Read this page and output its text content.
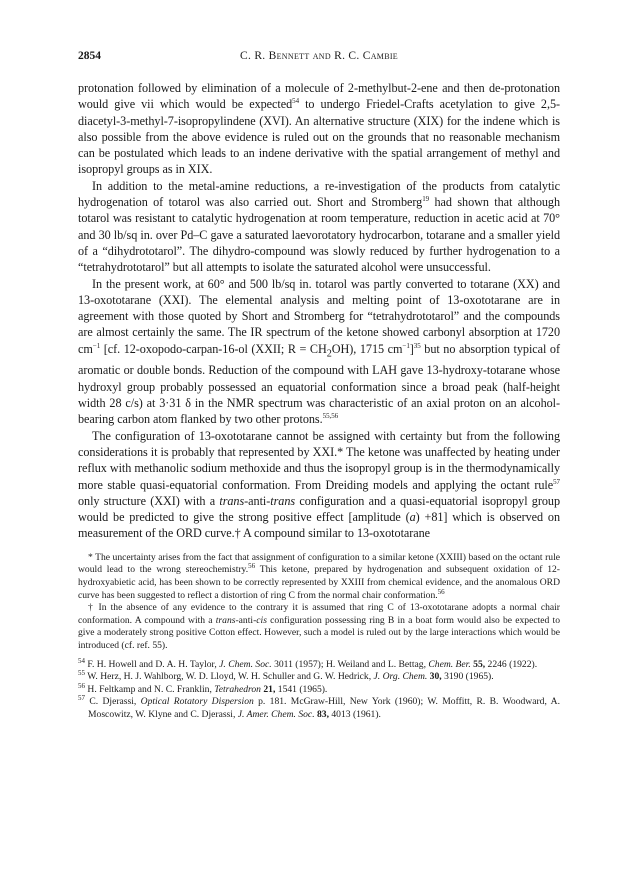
2854	C. R. Bennett and R. C. Cambie

protonation followed by elimination of a molecule of 2-methylbut-2-ene and then de-protonation would give vii which would be expected$^{54}$ to undergo Friedel-Crafts acetylation to give 2,5-diacetyl-3-methyl-7-isopropylindene (XVI). An alternative structure (XIX) for the indene which is also possible from the above evidence is ruled out on the grounds that no reasonable mechanism can be postulated which leads to an indene derivative with the spatial arrangement of methyl and isopropyl groups as in XIX.

In addition to the metal-amine reductions, a re-investigation of the products from catalytic hydrogenation of totarol was also carried out. Short and Stromberg$^{19}$ had shown that although totarol was resistant to catalytic hydrogenation at room temperature, reduction in acetic acid at 70° and 30 lb/sq in. over Pd–C gave a saturated laevorotatory hydrocarbon, totarane and a smaller yield of a “dihydrototarol”. The dihydro-compound was slowly reduced by further hydrogenation to a “tetrahydrototarol” but all attempts to isolate the saturated alcohol were unsuccessful.

In the present work, at 60° and 500 lb/sq in. totarol was partly converted to totarane (XX) and 13-oxototarane (XXI). The elemental analysis and melting point of 13-oxototarane are in agreement with those quoted by Short and Stromberg for “tetrahydrototarol” and the compounds are almost certainly the same. The IR spectrum of the ketone showed carbonyl absorption at 1720 $cm^{-1}$ [cf. 12-oxopodo-carpan-16-ol (XXII; $R = CH_2OH$), 1715 $cm^{-1}]^{35}$ but no absorption typical of aromatic or double bonds. Reduction of the compound with LAH gave 13-hydroxy-totarane whose hydroxyl group probably possessed an equatorial conformation since a broad peak (half-height width 28 c/s) at 3·31 δ in the NMR spectrum was characteristic of an axial proton on an alcohol-bearing carbon atom flanked by two other protons.$^{55,56}$

The configuration of 13-oxototarane cannot be assigned with certainty but from the following considerations it is probably that represented by XXI.* The ketone was unaffected by heating under reflux with methanolic sodium methoxide and thus the isopropyl group is in the thermodynamically more stable quasi-equatorial conformation. From Dreiding models and applying the octant rule$^{57}$ only structure (XXI) with a trans-anti-trans configuration and a quasi-equatorial isopropyl group would be predicted to give the strong positive effect [amplitude (a) +81] which is observed on measurement of the ORD curve.† A compound similar to 13-oxototarane

* The uncertainty arises from the fact that assignment of configuration to a similar ketone (XXIII) based on the octant rule would lead to the wrong stereochemistry.$^{56}$ This ketone, prepared by hydrogenation and subsequent oxidation of 12-hydroxyabietic acid, has been shown to be correctly represented by XXIII from chemical evidence, and the anomalous ORD curve has been suggested to reflect a distortion of ring C from the normal chair conformation.$^{56}$

† In the absence of any evidence to the contrary it is assumed that ring C of 13-oxototarane adopts a normal chair conformation. A compound with a trans-anti-cis configuration possessing ring B in a boat form would also be expected to give a moderately strong positive Cotton effect. However, such a model is ruled out by the large interactions which would be introduced (cf. ref. 55).

$^{54}$ F. H. Howell and D. A. H. Taylor, J. Chem. Soc. 3011 (1957); H. Weiland and L. Bettag, Chem. Ber. 55, 2246 (1922).

$^{55}$ W. Herz, H. J. Wahlborg, W. D. Lloyd, W. H. Schuller and G. W. Hedrick, J. Org. Chem. 30, 3190 (1965).

$^{56}$ H. Feltkamp and N. C. Franklin, Tetrahedron 21, 1541 (1965).

$^{57}$ C. Djerassi, Optical Rotatory Dispersion p. 181. McGraw-Hill, New York (1960); W. Moffitt, R. B. Woodward, A. Moscowitz, W. Klyne and C. Djerassi, J. Amer. Chem. Soc. 83, 4013 (1961).
